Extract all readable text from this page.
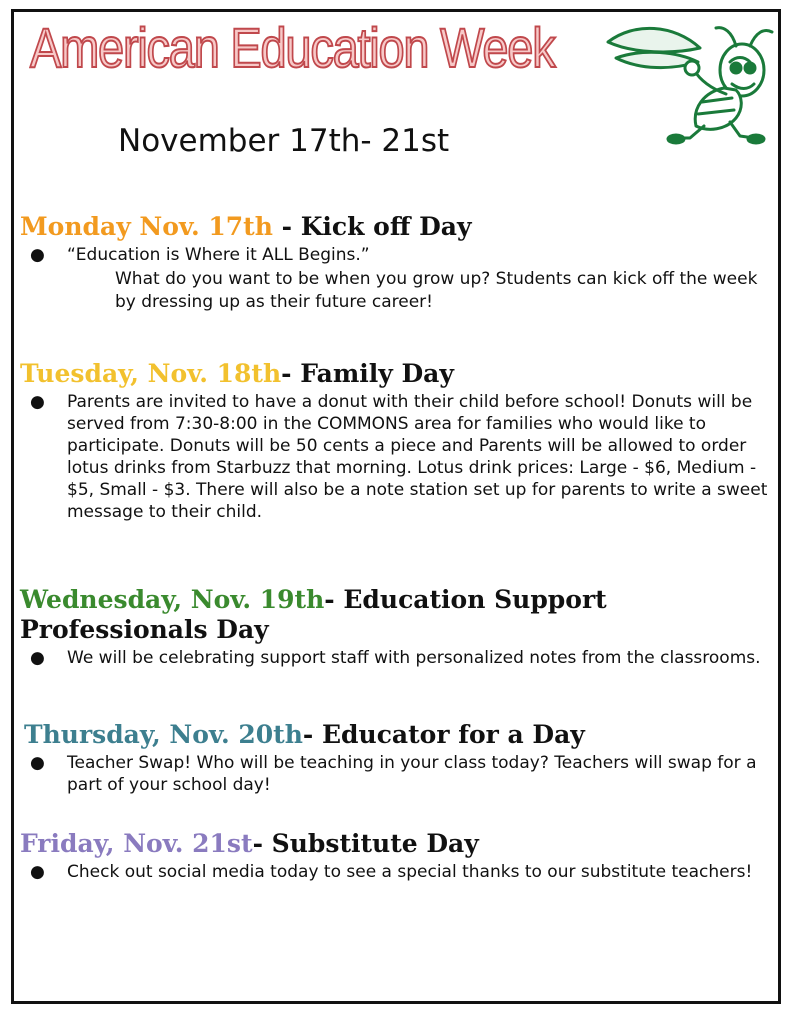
American Education Week
November 17th- 21st
Monday Nov. 17th - Kick off Day
● “Education is Where it ALL Begins.”

What do you want to be when you grow up? Students can kick off the week by dressing up as their future career!

Tuesday, Nov. 18th- Family Day
● Parents are invited to have a donut with their child before school! Donuts will be served from 7:30-8:00 in the COMMONS area for families who would like to participate. Donuts will be 50 cents a piece and Parents will be allowed to order lotus drinks from Starbuzz that morning. Lotus drink prices: Large - $6, Medium - $5, Small - $3. There will also be a note station set up for parents to write a sweet message to their child.
Wednesday, Nov. 19th- Education Support Professionals Day
● We will be celebrating support staff with personalized notes from the classrooms.
Thursday, Nov. 20th- Educator for a Day
● Teacher Swap! Who will be teaching in your class today? Teachers will swap for a part of your school day!
Friday, Nov. 21st- Substitute Day
● Check out social media today to see a special thanks to our substitute teachers!
